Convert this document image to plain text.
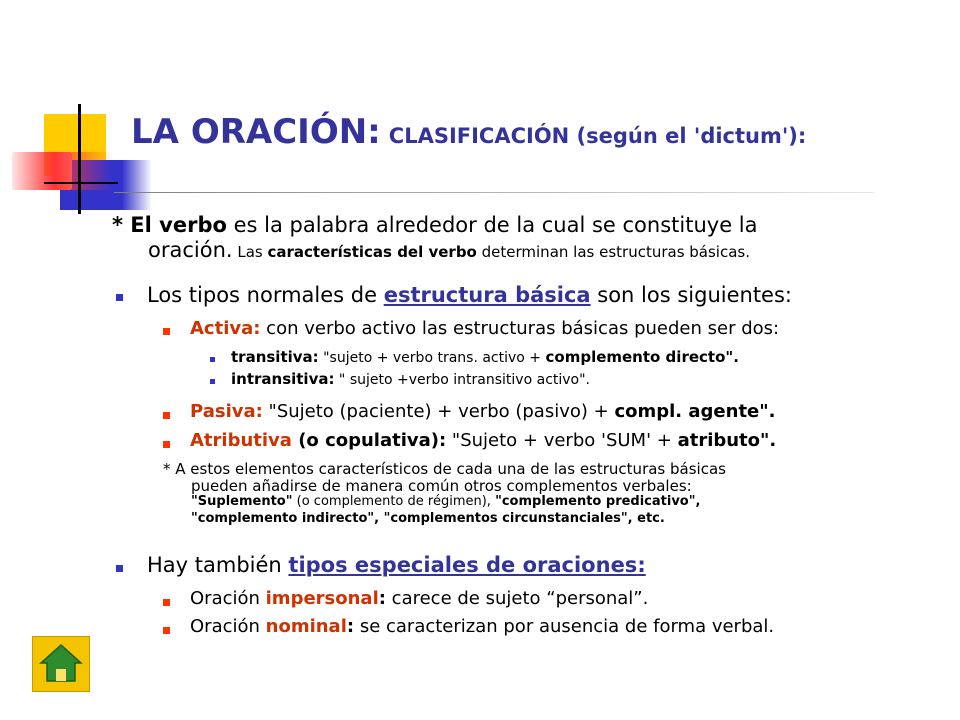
LA ORACIÓN: CLASIFICACIÓN (según el 'dictum'):
* El verbo es la palabra alrededor de la cual se constituye la
oración. Las características del verbo determinan las estructuras básicas.
Los tipos normales de estructura básica son los siguientes:
Activa: con verbo activo las estructuras básicas pueden ser dos:
transitiva: "sujeto + verbo trans. activo + complemento directo".
intransitiva: " sujeto +verbo intransitivo activo".
Pasiva: "Sujeto (paciente) + verbo (pasivo) + compl. agente".
Atributiva (o copulativa): "Sujeto + verbo 'SUM' + atributo".
* A estos elementos característicos de cada una de las estructuras básicas
pueden añadirse de manera común otros complementos verbales:
"Suplemento" (o complemento de régimen), "complemento predicativo",
"complemento indirecto", "complementos circunstanciales", etc.
Hay también tipos especiales de oraciones:
Oración impersonal: carece de sujeto “personal”.
Oración nominal: se caracterizan por ausencia de forma verbal.
